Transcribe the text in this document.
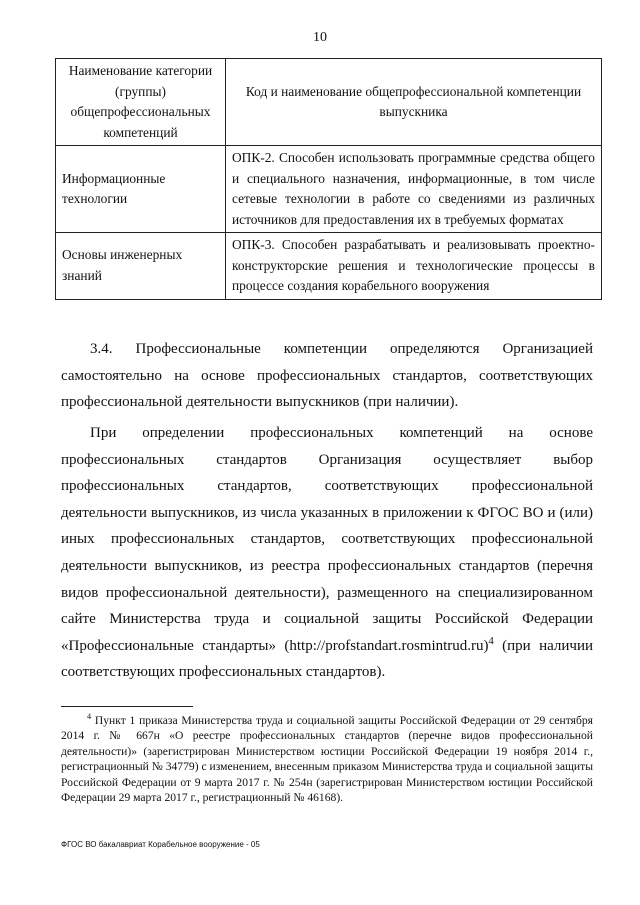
10
Наименование категории (группы) общепрофессиональных компетенций	Код и наименование общепрофессиональной компетенции выпускника
Информационные технологии	ОПК-2. Способен использовать программные средства общего и специального назначения, информационные, в том числе сетевые технологии в работе со сведениями из различных источников для предоставления их в требуемых форматах
Основы инженерных знаний	ОПК-3. Способен разрабатывать и реализовывать проектно-конструкторские решения и технологические процессы в процессе создания корабельного вооружения

3.4. Профессиональные компетенции определяются Организацией самостоятельно на основе профессиональных стандартов, соответствующих профессиональной деятельности выпускников (при наличии).

При определении профессиональных компетенций на основе профессиональных стандартов Организация осуществляет выбор профессиональных стандартов, соответствующих профессиональной деятельности выпускников, из числа указанных в приложении к ФГОС ВО и (или) иных профессиональных стандартов, соответствующих профессиональной деятельности выпускников, из реестра профессиональных стандартов (перечня видов профессиональной деятельности), размещенного на специализированном сайте Министерства труда и социальной защиты Российской Федерации «Профессиональные стандарты» (http://profstandart.rosmintrud.ru)$^4$ (при наличии соответствующих профессиональных стандартов).

$^4$ Пункт 1 приказа Министерства труда и социальной защиты Российской Федерации от 29 сентября 2014 г. № 667н «О реестре профессиональных стандартов (перечне видов профессиональной деятельности)» (зарегистрирован Министерством юстиции Российской Федерации 19 ноября 2014 г., регистрационный № 34779) с изменением, внесенным приказом Министерства труда и социальной защиты Российской Федерации от 9 марта 2017 г. № 254н (зарегистрирован Министерством юстиции Российской Федерации 29 марта 2017 г., регистрационный № 46168).

ФГОС ВО бакалавриат Корабельное вооружение - 05
